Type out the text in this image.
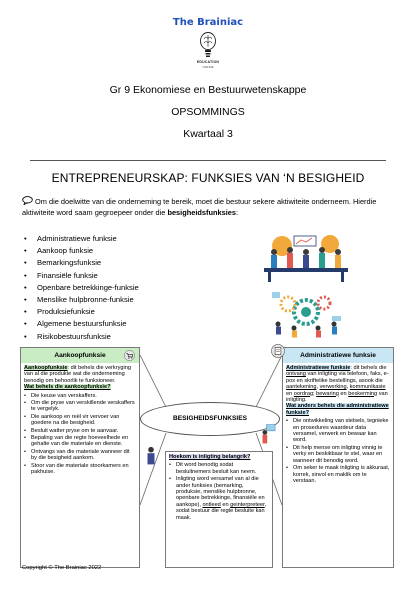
The Brainiac
EDUCATION
ONLINE
Gr 9 Ekonomiese en Bestuurwetenskappe
OPSOMMINGS
Kwartaal 3
ENTREPRENEURSKAP: FUNKSIES VAN ‘N BESIGHEID
Om die doelwitte van die onderneming te bereik, moet die bestuur sekere aktiwiteite onderneem. Hierdie aktiwiteite word saam gegroepeer onder die besigheidsfunksies:
• Administratiewe funksie
• Aankoop funksie
• Bemarkingsfunksie
• Finansiële funksie
• Openbare betrekkinge-funksie
• Menslike hulpbronne-funksie
• Produksiefunksie
• Algemene bestuursfunksie
• Risikobestuursfunksie
Aankoopfunksie
Aankoopfunksie: dit behels die verkryging van al die produkte wat die onderneming benodig om behoorlik te funksioneer.
Wat behels die aankoopfunksie?
• Die keuse van verskaffers.
• Om die pryse van verskillende verskaffers te vergelyk.
• Die aankoop en reël vir vervoer van goedere na die besigheid.
• Besluit watter pryse om te aanvaar.
• Bepaling van die regte hoeveelhede en gehalte van die materiale en dienste.
• Ontvangs van die materiale wanneer dit by die besigheid aankom.
• Stoor van die materiale stoorkamers en pakhuise.
BESIGHEIDSFUNKSIES
Administratiewe funksie
Administratiewe funksie: dit behels die ontvang van inligting via telefoon, faks, e-pos en skriftelike bestellings, asook die aantekening, verwerking, kommunikasie en oordrag; bewaring en beskerming van inligting.
Wat anders behels die administratiewe funksie?
• Die ontwikkeling van stelsels, tegnieke en prosedures waardeur data versamel, verwerk en bewaar kan word.
• Dit help mense om inligting vinnig te verky en beskikbaar te stel, waar en wanneer dit benodig word.
• Om seker te maak inligting is akkuraat, korrek, sinvol en maklik om te verstaan.
Hoekom is inligting belangrik?
• Dit word benodig sodat besluitnemers besluit kan neem.
• Inligting word versamel van al die ander funksies (bemarking, produksie, menslike hulpbronne, openbare betrekkinge, finansiële en aankope), ontleed en geinterpreteer, sodat bestuur die regte besluite kan maak.
Copyright © The Brainiac 2022
